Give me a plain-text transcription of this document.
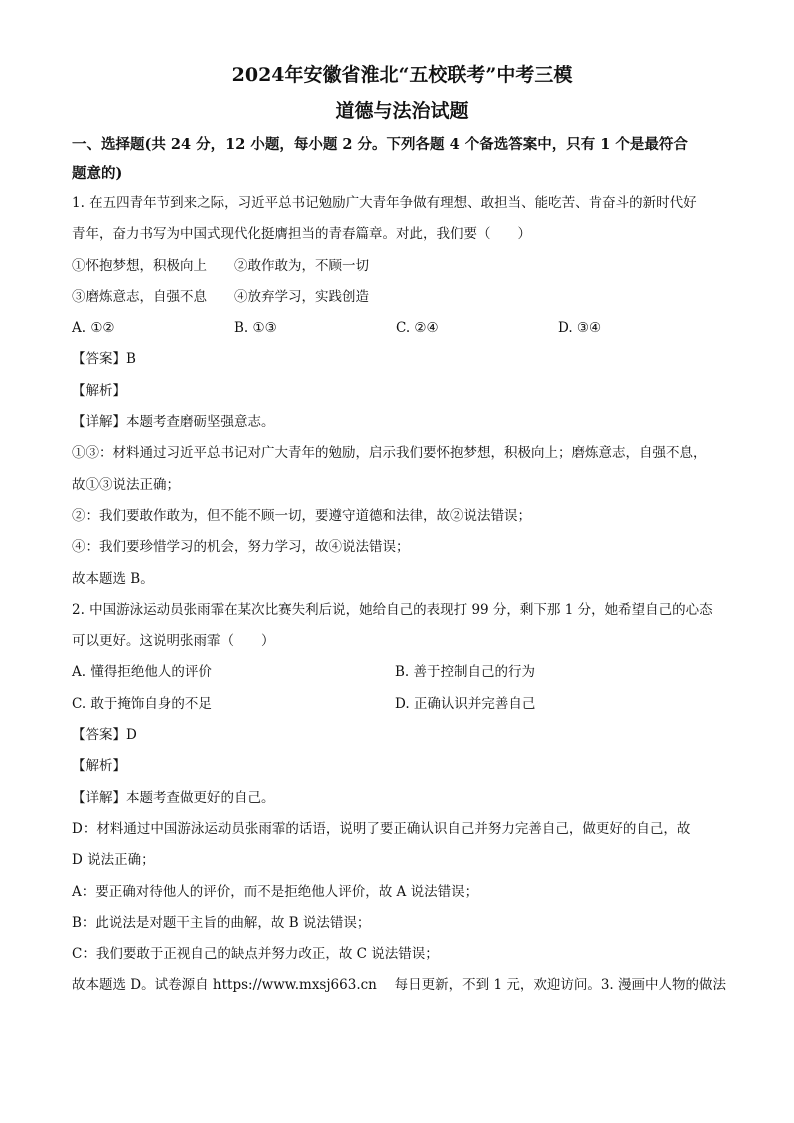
2024年安徽省淮北“五校联考”中考三模
道德与法治试题
一、选择题(共 24 分，12 小题，每小题 2 分。下列各题 4 个备选答案中，只有 1 个是最符合
题意的)
1. 在五四青年节到来之际，习近平总书记勉励广大青年争做有理想、敢担当、能吃苦、肯奋斗的新时代好
青年，奋力书写为中国式现代化挺膺担当的青春篇章。对此，我们要（　　）
①怀抱梦想，积极向上　　②敢作敢为，不顾一切
③磨炼意志，自强不息　　④放弃学习，实践创造
A. ①②	B. ①③	C. ②④	D. ③④
【答案】B
【解析】
【详解】本题考查磨砺坚强意志。
①③：材料通过习近平总书记对广大青年的勉励，启示我们要怀抱梦想，积极向上；磨炼意志，自强不息，
故①③说法正确；
②：我们要敢作敢为，但不能不顾一切，要遵守道德和法律，故②说法错误；
④：我们要珍惜学习的机会，努力学习，故④说法错误；
故本题选 B。
2. 中国游泳运动员张雨霏在某次比赛失利后说，她给自己的表现打 99 分，剩下那 1 分，她希望自己的心态
可以更好。这说明张雨霏（　　）
A. 懂得拒绝他人的评价	B. 善于控制自己的行为
C. 敢于掩饰自身的不足	D. 正确认识并完善自己
【答案】D
【解析】
【详解】本题考查做更好的自己。
D：材料通过中国游泳运动员张雨霏的话语，说明了要正确认识自己并努力完善自己，做更好的自己，故
D 说法正确；
A：要正确对待他人的评价，而不是拒绝他人评价，故 A 说法错误；
B：此说法是对题干主旨的曲解，故 B 说法错误；
C：我们要敢于正视自己的缺点并努力改正，故 C 说法错误；
故本题选 D。试卷源自 https://www.mxsj663.cn　 每日更新，不到 1 元，欢迎访问。3. 漫画中人物的做法
